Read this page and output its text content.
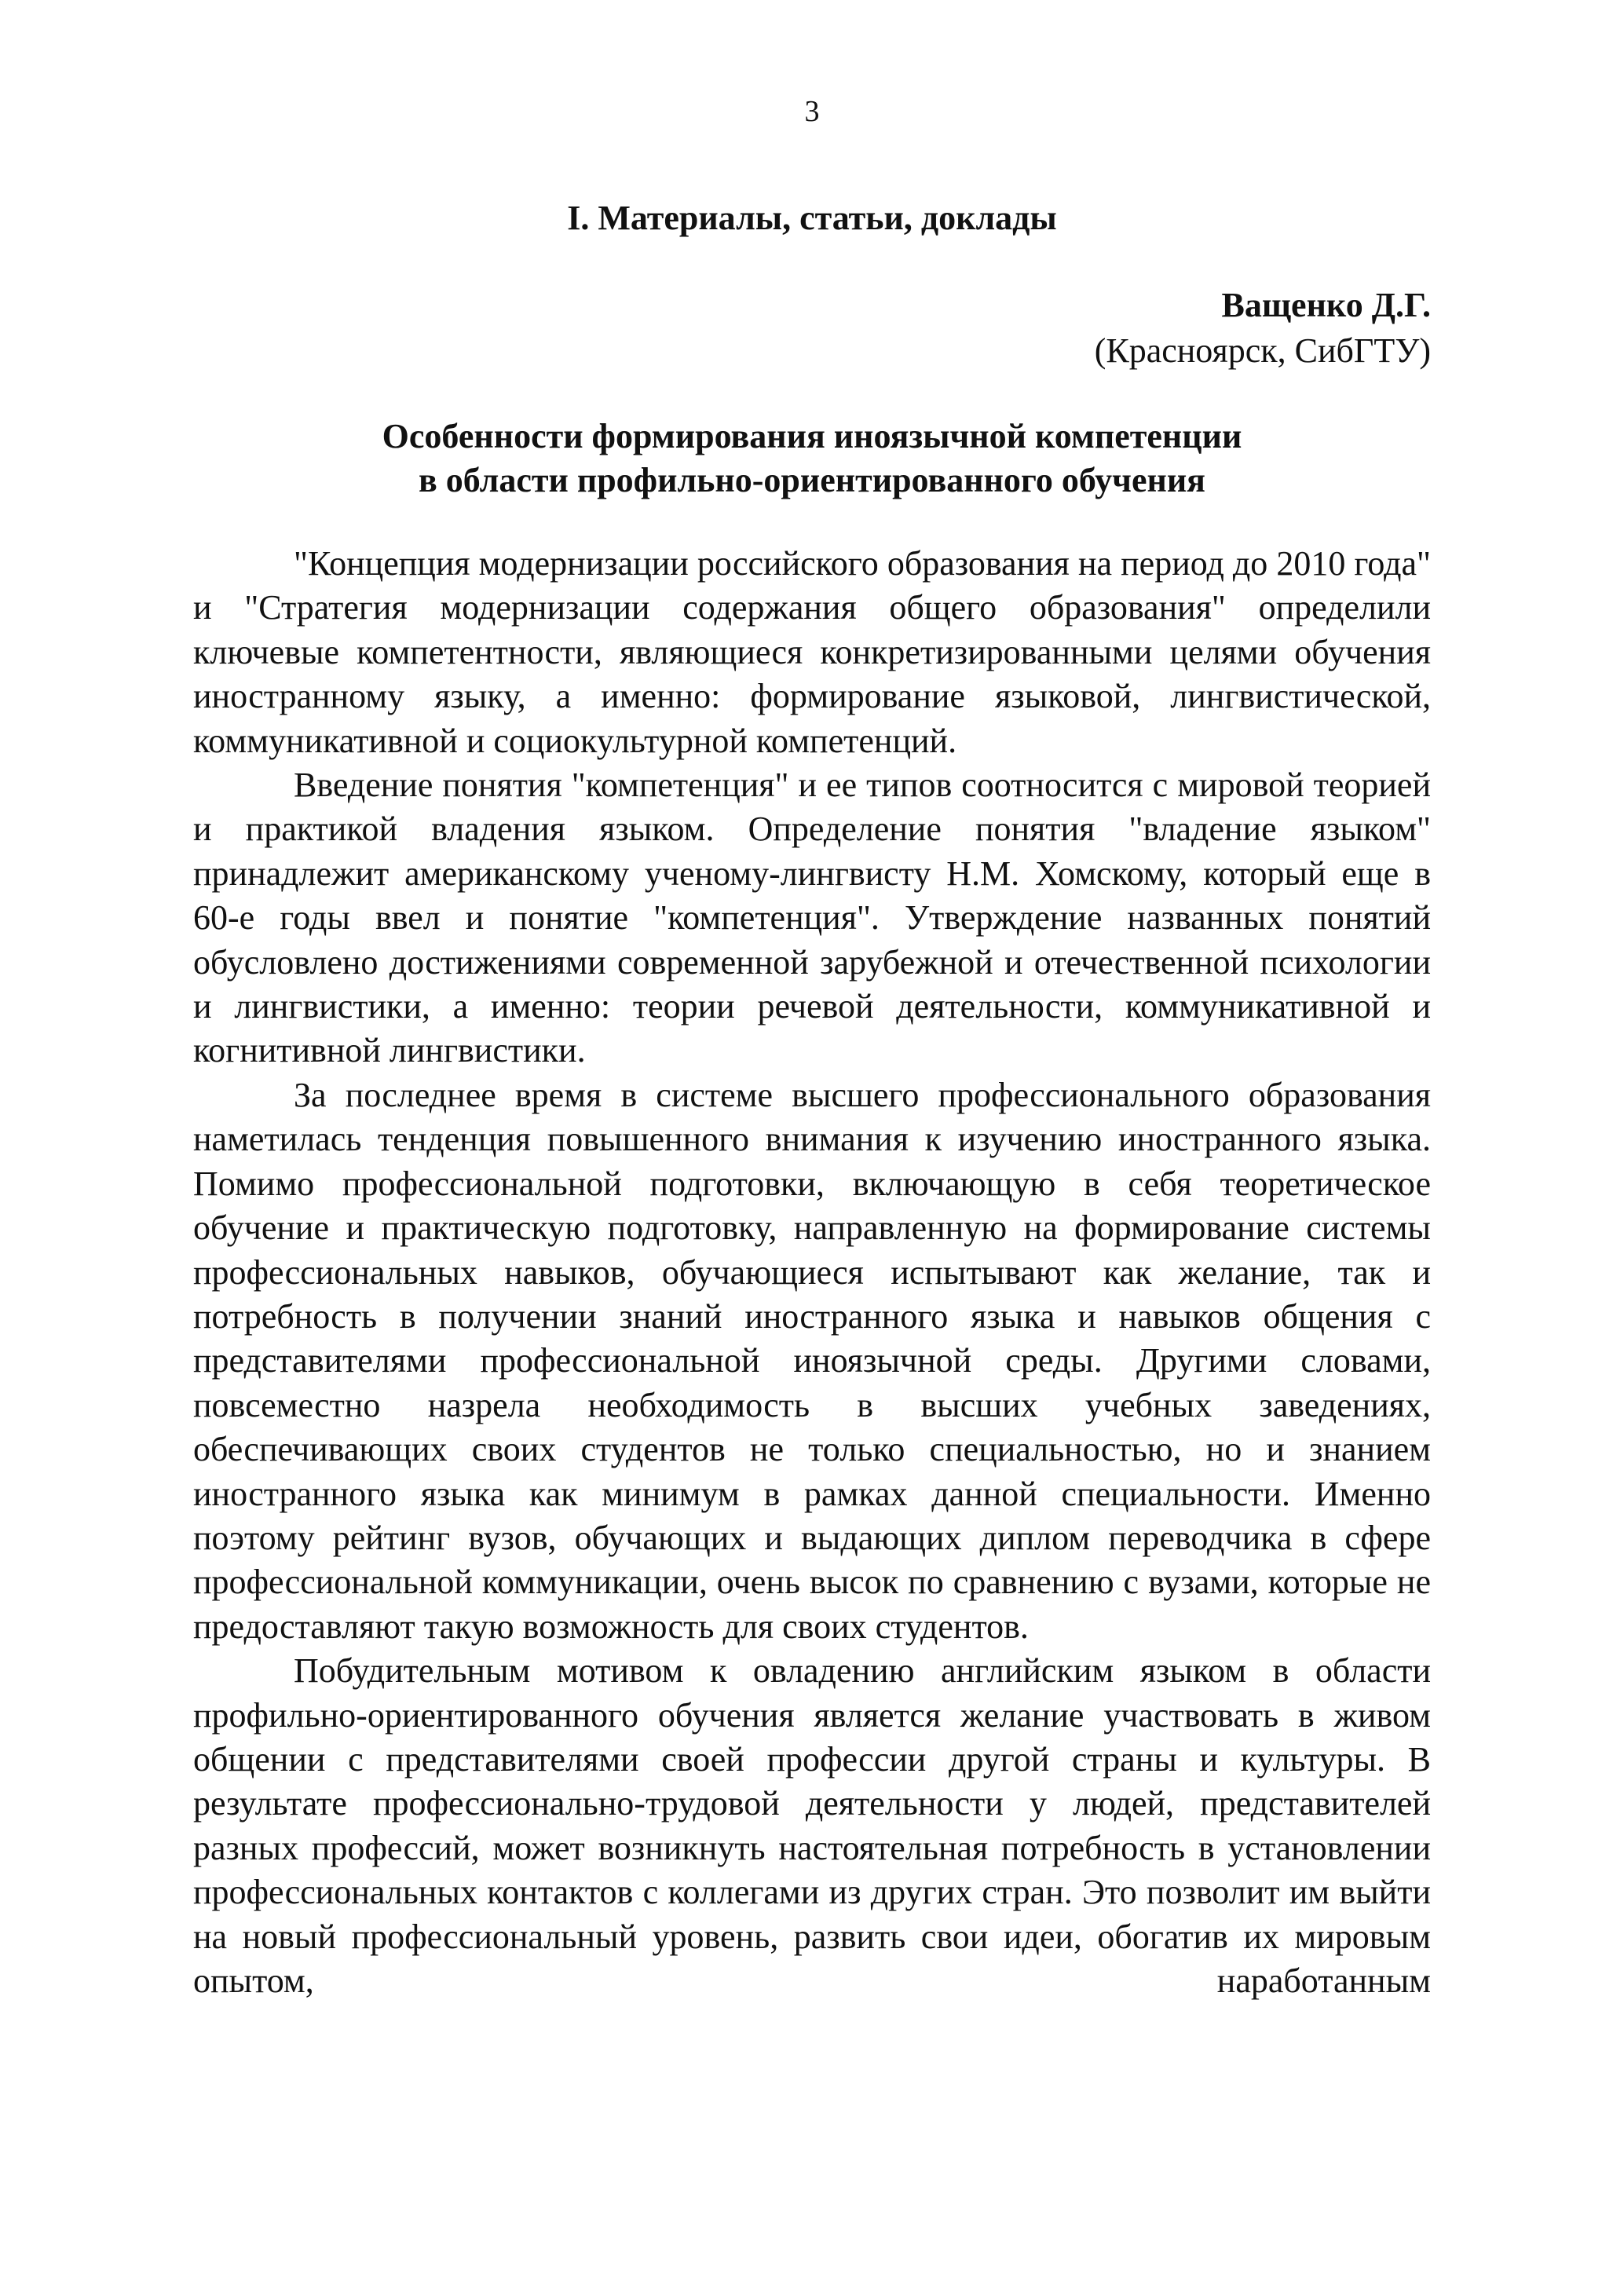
3
I. Материалы, статьи, доклады
Ващенко Д.Г.
(Красноярск, СибГТУ)
Особенности формирования иноязычной компетенции
в области профильно-ориентированного обучения

"Концепция модернизации российского образования на период до 2010 года" и "Стратегия модернизации содержания общего образования" определили ключевые компетентности, являющиеся конкретизированными целями обучения иностранному языку, а именно: формирование языковой, лингвистической, коммуникативной и социокультурной компетенций.

Введение понятия "компетенция" и ее типов соотносится с мировой теорией и практикой владения языком. Определение понятия "владение языком" принадлежит американскому ученому-лингвисту Н.М. Хомскому, который еще в 60-е годы ввел и понятие "компетенция". Утверждение названных понятий обусловлено достижениями современной зарубежной и отечественной психологии и лингвистики, а именно: теории речевой деятельности, коммуникативной и когнитивной лингвистики.

За последнее время в системе высшего профессионального образования наметилась тенденция повышенного внимания к изучению иностранного языка. Помимо профессиональной подготовки, включающую в себя теоретическое обучение и практическую подготовку, направленную на формирование системы профессиональных навыков, обучающиеся испытывают как желание, так и потребность в получении знаний иностранного языка и навыков общения с представителями профессиональной иноязычной среды. Другими словами, повсеместно назрела необходимость в высших учебных заведениях, обеспечивающих своих студентов не только специальностью, но и знанием иностранного языка как минимум в рамках данной специальности. Именно поэтому рейтинг вузов, обучающих и выдающих диплом переводчика в сфере профессиональной коммуникации, очень высок по сравнению с вузами, которые не предоставляют такую возможность для своих студентов.

Побудительным мотивом к овладению английским языком в области профильно-ориентированного обучения является желание участвовать в живом общении с представителями своей профессии другой страны и культуры. В результате профессионально-трудовой деятельности у людей, представителей разных профессий, может возникнуть настоятельная потребность в установлении профессиональных контактов с коллегами из других стран. Это позволит им выйти на новый профессиональный уровень, развить свои идеи, обогатив их мировым опытом, наработанным
